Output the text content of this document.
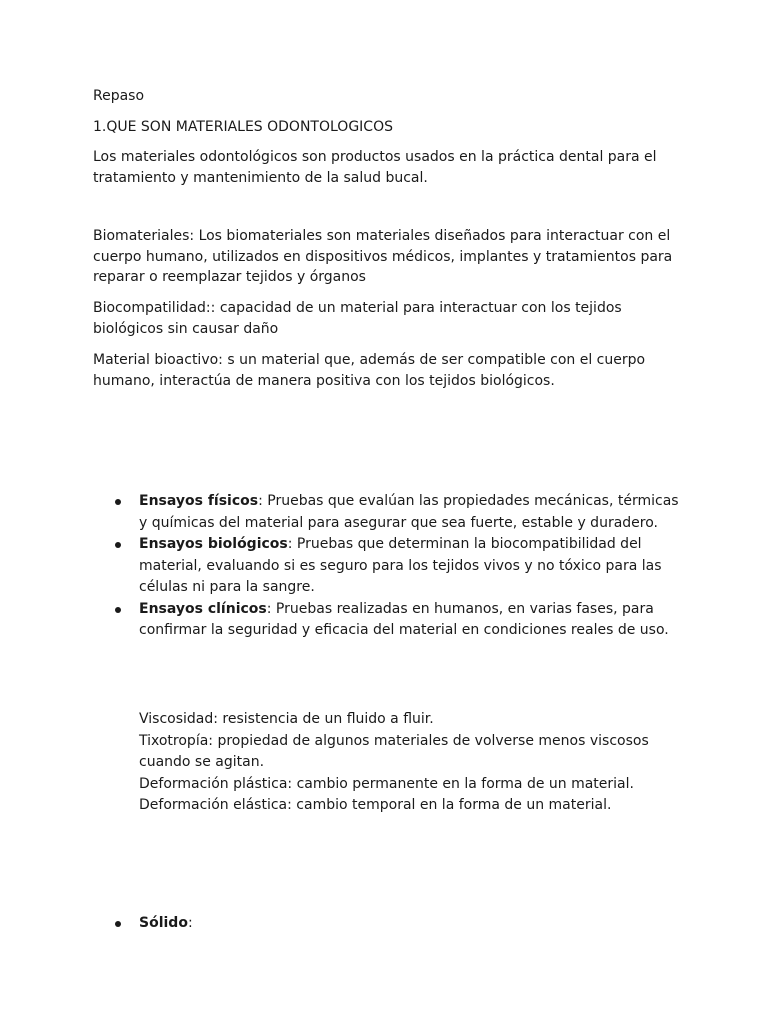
Repaso

1.QUE SON MATERIALES ODONTOLOGICOS

Los materiales odontológicos son productos usados en la práctica dental para el tratamiento y mantenimiento de la salud bucal.

Biomateriales: Los biomateriales son materiales diseñados para interactuar con el cuerpo humano, utilizados en dispositivos médicos, implantes y tratamientos para reparar o reemplazar tejidos y órganos

Biocompatilidad:: capacidad de un material para interactuar con los tejidos biológicos sin causar daño

Material bioactivo: s un material que, además de ser compatible con el cuerpo humano, interactúa de manera positiva con los tejidos biológicos.

Ensayos físicos: Pruebas que evalúan las propiedades mecánicas, térmicas y químicas del material para asegurar que sea fuerte, estable y duradero.
Ensayos biológicos: Pruebas que determinan la biocompatibilidad del material, evaluando si es seguro para los tejidos vivos y no tóxico para las células ni para la sangre.
Ensayos clínicos: Pruebas realizadas en humanos, en varias fases, para confirmar la seguridad y eficacia del material en condiciones reales de uso.
Viscosidad: resistencia de un fluido a fluir.
Tixotropía: propiedad de algunos materiales de volverse menos viscosos cuando se agitan.
Deformación plástica: cambio permanente en la forma de un material.
Deformación elástica: cambio temporal en la forma de un material.
Sólido:
